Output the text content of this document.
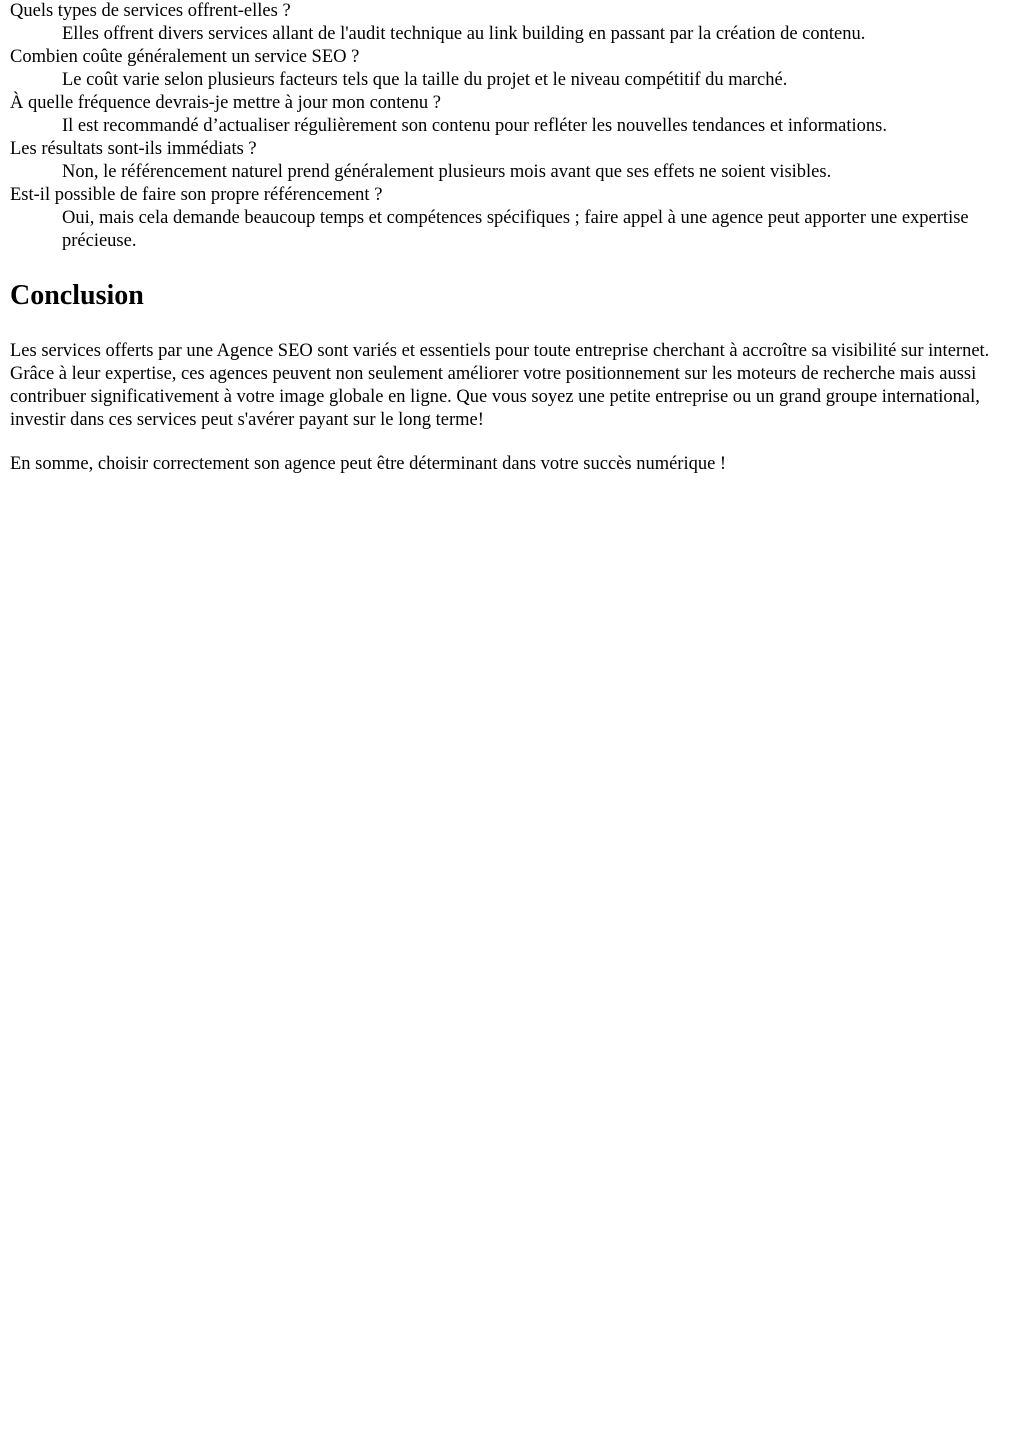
Quels types de services offrent-elles ?
Elles offrent divers services allant de l'audit technique au link building en passant par la création de contenu.
Combien coûte généralement un service SEO ?
Le coût varie selon plusieurs facteurs tels que la taille du projet et le niveau compétitif du marché.
À quelle fréquence devrais-je mettre à jour mon contenu ?
Il est recommandé d’actualiser régulièrement son contenu pour refléter les nouvelles tendances et informations.
Les résultats sont-ils immédiats ?
Non, le référencement naturel prend généralement plusieurs mois avant que ses effets ne soient visibles.
Est-il possible de faire son propre référencement ?
Oui, mais cela demande beaucoup temps et compétences spécifiques ; faire appel à une agence peut apporter une expertise précieuse.
Conclusion

Les services offerts par une Agence SEO sont variés et essentiels pour toute entreprise cherchant à accroître sa visibilité sur internet. Grâce à leur expertise, ces agences peuvent non seulement améliorer votre positionnement sur les moteurs de recherche mais aussi contribuer significativement à votre image globale en ligne. Que vous soyez une petite entreprise ou un grand groupe international, investir dans ces services peut s'avérer payant sur le long terme!

En somme, choisir correctement son agence peut être déterminant dans votre succès numérique !
